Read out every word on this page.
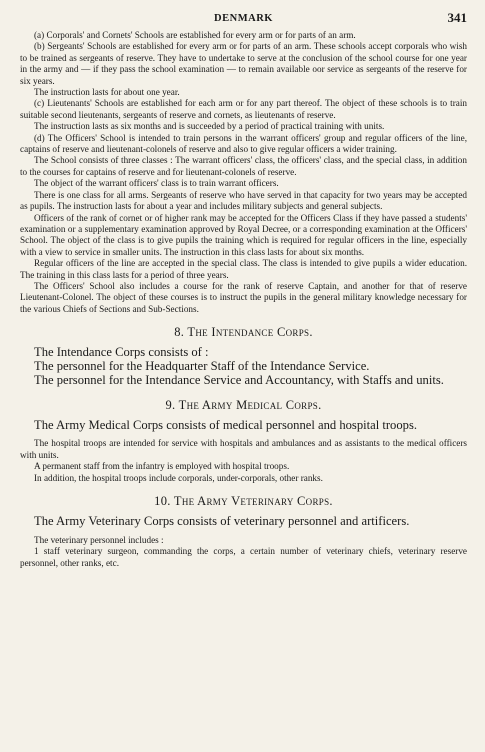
DENMARK	341

(a) Corporals' and Cornets' Schools are established for every arm or for parts of an arm.

(b) Sergeants' Schools are established for every arm or for parts of an arm. These schools accept corporals who wish to be trained as sergeants of reserve. They have to undertake to serve at the conclusion of the school course for one year in the army and — if they pass the school examination — to remain available oor service as sergeants of the reserve for six years.

The instruction lasts for about one year.

(c) Lieutenants' Schools are established for each arm or for any part thereof. The object of these schools is to train suitable second lieutenants, sergeants of reserve and cornets, as lieutenants of reserve.

The instruction lasts as six months and is succeeded by a period of practical training with units.

(d) The Officers' School is intended to train persons in the warrant officers' group and regular officers of the line, captains of reserve and lieutenant-colonels of reserve and also to give regular officers a wider training.

The School consists of three classes : The warrant officers' class, the officers' class, and the special class, in addition to the courses for captains of reserve and for lieutenant-colonels of reserve.

The object of the warrant officers' class is to train warrant officers.

There is one class for all arms. Sergeants of reserve who have served in that capacity for two years may be accepted as pupils. The instruction lasts for about a year and includes military subjects and general subjects.

Officers of the rank of cornet or of higher rank may be accepted for the Officers Class if they have passed a students' examination or a supplementary examination approved by Royal Decree, or a corresponding examination at the Officers' School. The object of the class is to give pupils the training which is required for regular officers in the line, especially with a view to service in smaller units. The instruction in this class lasts for about six months.

Regular officers of the line are accepted in the special class. The class is intended to give pupils a wider education. The training in this class lasts for a period of three years.

The Officers' School also includes a course for the rank of reserve Captain, and another for that of reserve Lieutenant-Colonel. The object of these courses is to instruct the pupils in the general military knowledge necessary for the various Chiefs of Sections and Sub-Sections.

8. The Intendance Corps.

The Intendance Corps consists of :

The personnel for the Headquarter Staff of the Intendance Service.

The personnel for the Intendance Service and Accountancy, with Staffs and units.

9. The Army Medical Corps.

The Army Medical Corps consists of medical personnel and hospital troops.

The hospital troops are intended for service with hospitals and ambulances and as assistants to the medical officers with units.

A permanent staff from the infantry is employed with hospital troops.

In addition, the hospital troops include corporals, under-corporals, other ranks.

10. The Army Veterinary Corps.

The Army Veterinary Corps consists of veterinary personnel and artificers.

The veterinary personnel includes :

1 staff veterinary surgeon, commanding the corps, a certain number of veterinary chiefs, veterinary reserve personnel, other ranks, etc.
